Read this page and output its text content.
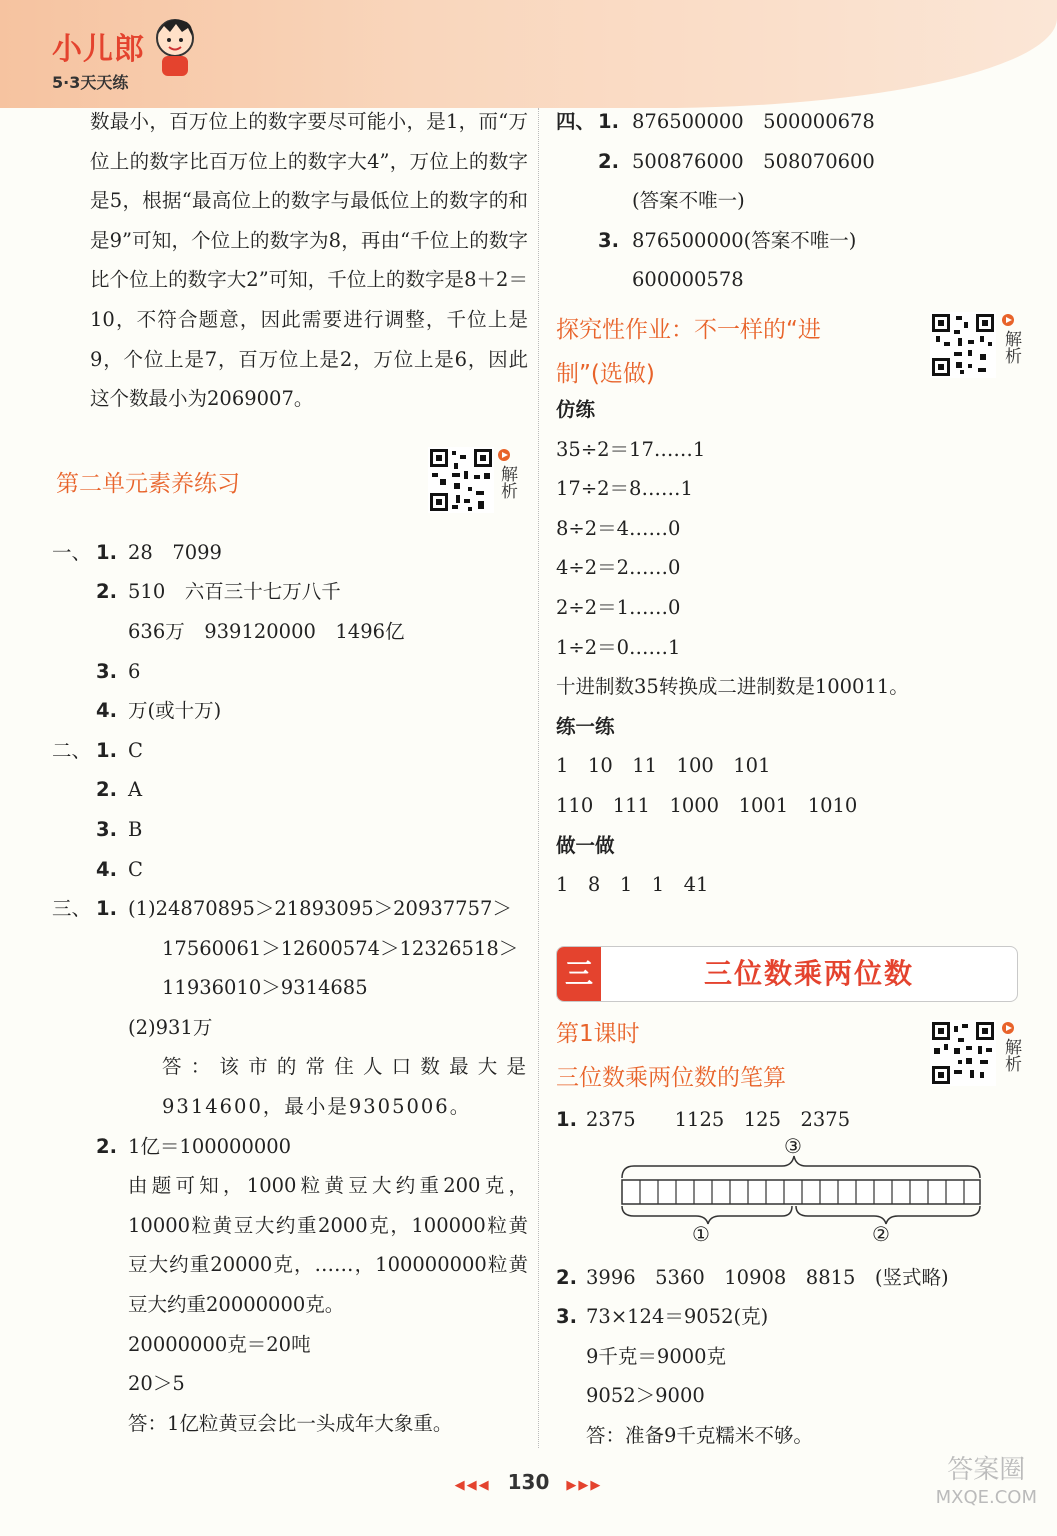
小儿郎
5·3天天练

数最小，百万位上的数字要尽可能小，是1，而“万位上的数字比百万位上的数字大4”，万位上的数字是5，根据“最高位上的数字与最低位上的数字的和是9”可知，个位上的数字为8，再由“千位上的数字比个位上的数字大2”可知，千位上的数字是8＋2＝10，不符合题意，因此需要进行调整，千位上是9，个位上是7，百万位上是2，万位上是6，因此这个数最小为2069007。

第二单元素养练习	解析
一、 1. 28　7099
2. 510　六百三十七万八千
636万　939120000　1496亿
3. 6
4. 万(或十万)
二、 1. C
2. A
3. B
4. C
三、 1. (1)24870895＞21893095＞20937757＞
17560061＞12600574＞12326518＞
11936010＞9314685
(2)931万

答：该市的常住人口数最大是9314600，最小是9305006。

2. 1亿＝100000000

由题可知，1000粒黄豆大约重200克，10000粒黄豆大约重2000克，100000粒黄豆大约重20000克，……，100000000粒黄豆大约重20000000克。

20000000克＝20吨
20＞5
答：1亿粒黄豆会比一头成年大象重。
四、 1. 876500000　500000678
2. 500876000　508070600
(答案不唯一)
3. 876500000(答案不唯一)
600000578
探究性作业：不一样的“进
制”(选做)
解析
仿练
35÷2＝17……1
17÷2＝8……1
8÷2＝4……0
4÷2＝2……0
2÷2＝1……0
1÷2＝0……1
十进制数35转换成二进制数是100011。
练一练
1　10　11　100　101
110　111　1000　1001　1010
做一做
1　8　1　1　41
三	三位数乘两位数
第1课时
三位数乘两位数的笔算
解析
1. 2375　　1125　125　2375
③
①	②
2. 3996　5360　10908　8815　(竖式略)
3. 73×124＝9052(克)
9千克＝9000克
9052＞9000
答：准备9千克糯米不够。
◀◀◀ 130 ▶▶▶
答案圈
MXQE.COM
